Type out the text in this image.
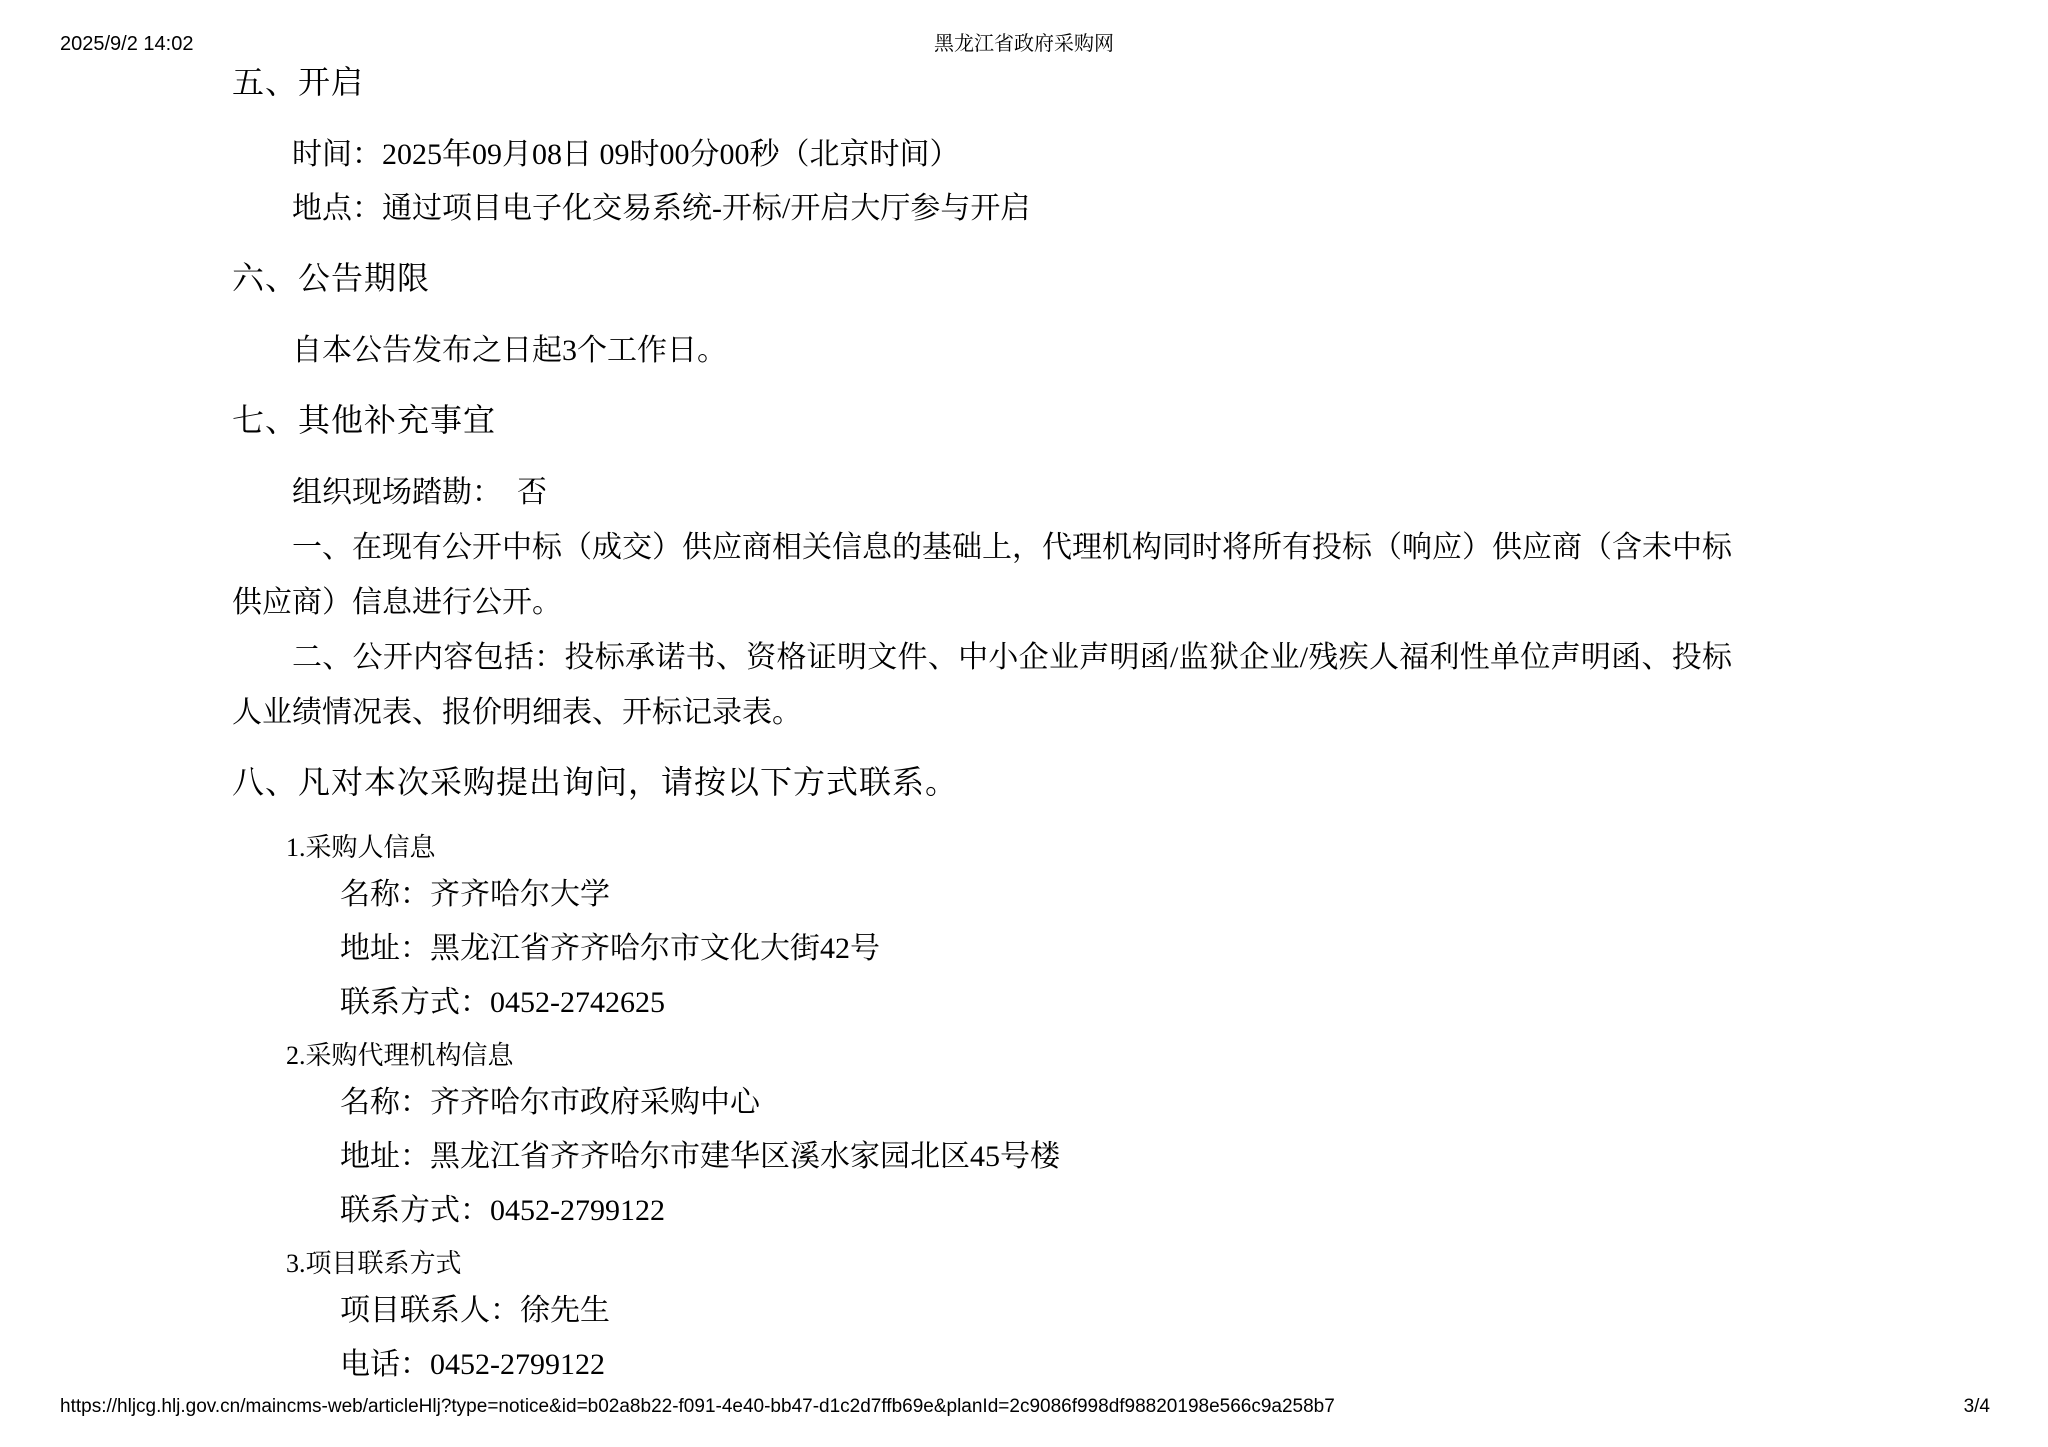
2025/9/2 14:02	黑龙江省政府采购网
五、开启
时间：2025年09月08日 09时00分00秒（北京时间）
地点：通过项目电子化交易系统-开标/开启大厅参与开启
六、公告期限
自本公告发布之日起3个工作日。
七、其他补充事宜
组织现场踏勘：　否

一、在现有公开中标（成交）供应商相关信息的基础上，代理机构同时将所有投标（响应）供应商（含未中标供应商）信息进行公开。

二、公开内容包括：投标承诺书、资格证明文件、中小企业声明函/监狱企业/残疾人福利性单位声明函、投标人业绩情况表、报价明细表、开标记录表。

八、凡对本次采购提出询问，请按以下方式联系。
1.采购人信息
名称：齐齐哈尔大学
地址：黑龙江省齐齐哈尔市文化大街42号
联系方式：0452-2742625
2.采购代理机构信息
名称：齐齐哈尔市政府采购中心
地址：黑龙江省齐齐哈尔市建华区溪水家园北区45号楼
联系方式：0452-2799122
3.项目联系方式
项目联系人：徐先生
电话：0452-2799122
https://hljcg.hlj.gov.cn/maincms-web/articleHlj?type=notice&id=b02a8b22-f091-4e40-bb47-d1c2d7ffb69e&planId=2c9086f998df98820198e566c9a258b7	3/4
